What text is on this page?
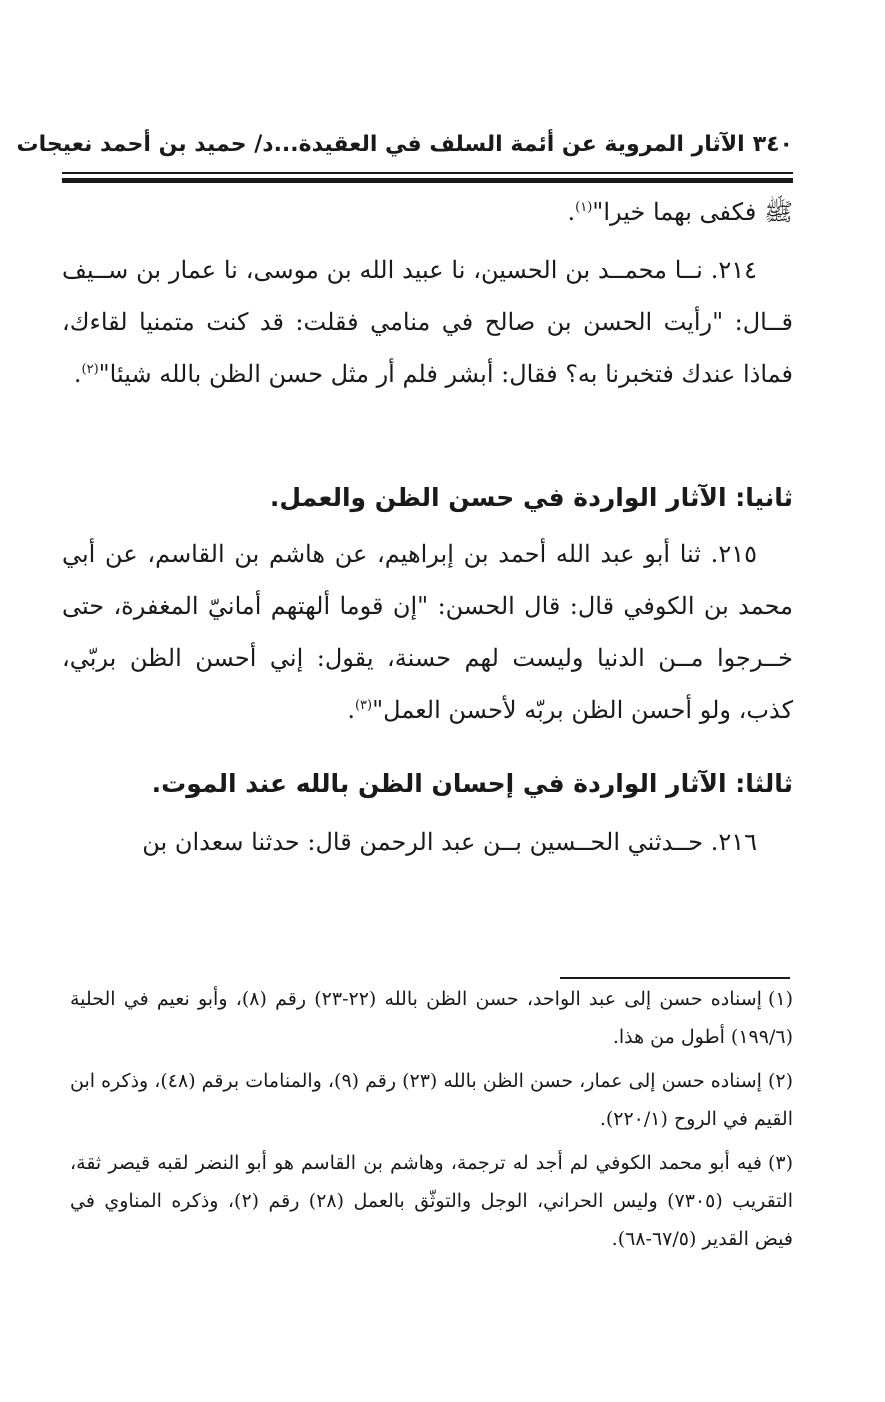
٣٤٠
الآثار المروية عن أئمة السلف في العقيدة...د/ حميد بن أحمد نعيجات

ﷺ فكفى بهما خيرا"$^{(١)}$.

٢١٤. نــا محمــد بن الحسين، نا عبيد الله بن موسى، نا عمار بن ســيف قــال: "رأيت الحسن بن صالح في منامي فقلت: قد كنت متمنيا لقاءك، فماذا عندك فتخبرنا به؟ فقال: أبشر فلم أر مثل حسن الظن بالله شيئا"$^{(٢)}$.

ثانيا: الآثار الواردة في حسن الظن والعمل.

٢١٥. ثنا أبو عبد الله أحمد بن إبراهيم، عن هاشم بن القاسم، عن أبي محمد بن الكوفي قال: قال الحسن: "إن قوما ألهتهم أمانيّ المغفرة، حتى خــرجوا مــن الدنيا وليست لهم حسنة، يقول: إني أحسن الظن بربّي، كذب، ولو أحسن الظن بربّه لأحسن العمل"$^{(٣)}$.

ثالثا: الآثار الواردة في إحسان الظن بالله عند الموت.

٢١٦. حــدثني الحــسين بــن عبد الرحمن قال: حدثنا سعدان بن

(١)إسناده حسن إلى عبد الواحد، حسن الظن بالله (٢٢-٢٣) رقم (٨)، وأبو نعيم في الحلية (١٩٩/٦) أطول من هذا.

(٢)إسناده حسن إلى عمار، حسن الظن بالله (٢٣) رقم (٩)، والمنامات برقم (٤٨)، وذكره ابن القيم في الروح (٢٢٠/١).

(٣)فيه أبو محمد الكوفي لم أجد له ترجمة، وهاشم بن القاسم هو أبو النضر لقبه قيصر ثقة، التقريب (٧٣٠٥) وليس الحراني، الوجل والتوثّق بالعمل (٢٨) رقم (٢)، وذكره المناوي في فيض القدير (٦٧/٥-٦٨).
